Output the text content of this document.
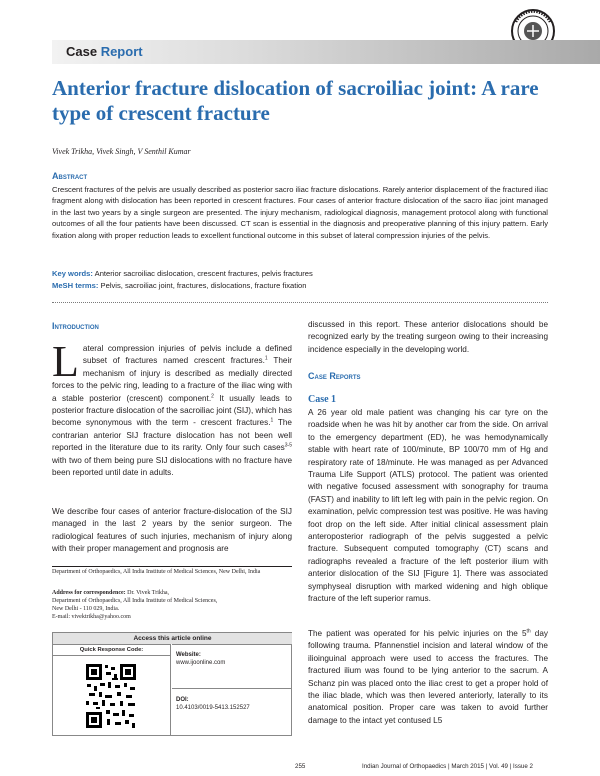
Case Report
Anterior fracture dislocation of sacroiliac joint: A rare type of crescent fracture
Vivek Trikha, Vivek Singh, V Senthil Kumar
Abstract

Crescent fractures of the pelvis are usually described as posterior sacro iliac fracture dislocations. Rarely anterior displacement of the fractured iliac fragment along with dislocation has been reported in crescent fractures. Four cases of anterior fracture dislocation of the sacro iliac joint managed in the last two years by a single surgeon are presented. The injury mechanism, radiological diagnosis, management protocol along with functional outcomes of all the four patients have been discussed. CT scan is essential in the diagnosis and preoperative planning of this injury pattern. Early fixation along with proper reduction leads to excellent functional outcome in this subset of lateral compression injuries of the pelvis.

Key words: Anterior sacroiliac dislocation, crescent fractures, pelvis fractures
MeSH terms: Pelvis, sacroiliac joint, fractures, dislocations, fracture fixation
Introduction

Lateral compression injuries of pelvis include a defined subset of fractures named crescent fractures.$^1$ Their mechanism of injury is described as medially directed forces to the pelvic ring, leading to a fracture of the iliac wing with a stable posterior (crescent) component.$^2$ It usually leads to posterior fracture dislocation of the sacroiliac joint (SIJ), which has become synonymous with the term - crescent fractures.$^1$ The contrarian anterior SIJ fracture dislocation has not been well reported in the literature due to its rarity. Only four such cases$^{3-5}$ with two of them being pure SIJ dislocations with no fracture have been reported until date in adults.

We describe four cases of anterior fracture-dislocation of the SIJ managed in the last 2 years by the senior surgeon. The radiological features of such injuries, mechanism of injury along with their proper management and prognosis are

Department of Orthopaedics, All India Institute of Medical Sciences, New Delhi, India
Address for correspondence: Dr. Vivek Trikha,
Department of Orthopaedics, All India Institute of Medical Sciences,
New Delhi - 110 029, India.
E-mail: vivektrikha@yahoo.com
Access this article online
Quick Response Code:
Website:
www.ijoonline.com
DOI:
10.4103/0019-5413.152527

discussed in this report. These anterior dislocations should be recognized early by the treating surgeon owing to their increasing incidence especially in the developing world.

Case Reports
Case 1

A 26 year old male patient was changing his car tyre on the roadside when he was hit by another car from the side. On arrival to the emergency department (ED), he was hemodynamically stable with heart rate of 100/minute, BP 100/70 mm of Hg and respiratory rate of 18/minute. He was managed as per Advanced Trauma Life Support (ATLS) protocol. The patient was oriented with negative focused assessment with sonography for trauma (FAST) and inability to lift left leg with pain in the pelvic region. On examination, pelvic compression test was positive. He was having foot drop on the left side. After initial clinical assessment plain anteroposterior radiograph of the pelvis suggested a pelvic fracture. Subsequent computed tomography (CT) scans and radiographs revealed a fracture of the left posterior ilium with anterior dislocation of the SIJ [Figure 1]. There was associated symphyseal disruption with marked widening and high oblique fracture of the left superior ramus.

The patient was operated for his pelvic injuries on the 5th day following trauma. Pfannenstiel incision and lateral window of the ilioinguinal approach were used to access the fractures. The fractured ilium was found to be lying anterior to the sacrum. A Schanz pin was placed onto the iliac crest to get a proper hold of the iliac blade, which was then levered anteriorly, laterally to its anatomical position. Proper care was taken to avoid further damage to the intact yet contused L5

255	Indian Journal of Orthopaedics | March 2015 | Vol. 49 | Issue 2
